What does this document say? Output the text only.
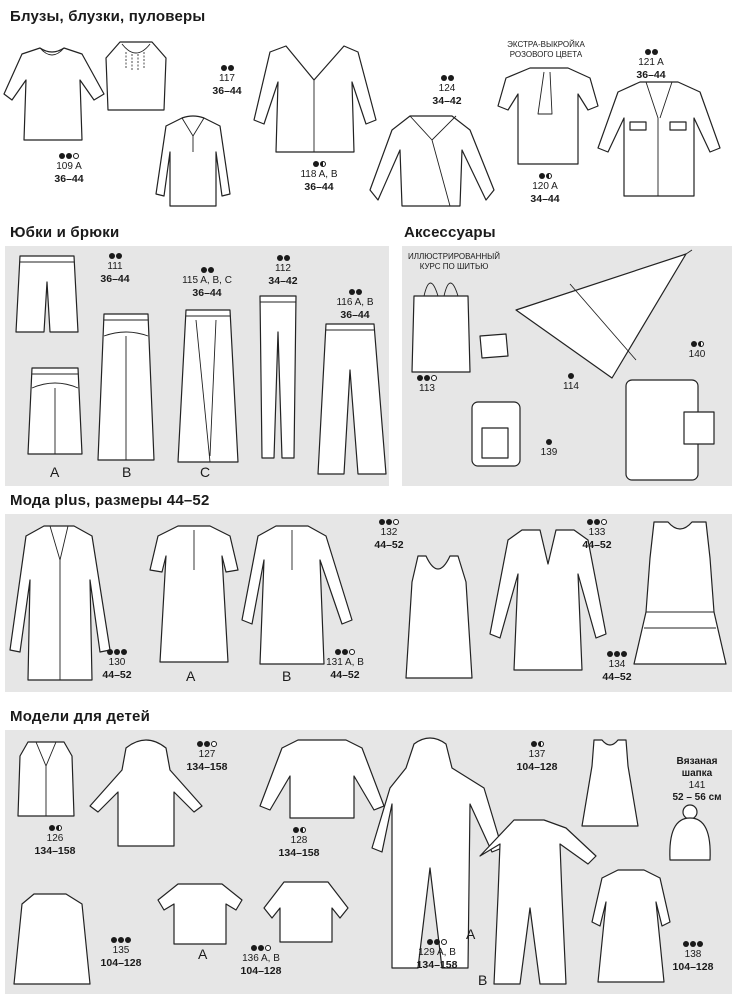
Блузы, блузки, пуловеры
Юбки и брюки	Аксессуары
Мода plus, размеры 44–52
Модели для детей
109 A
36–44
117
36–44
118 A, B
36–44
124
34–42
ЭКСТРА-ВЫКРОЙКА РОЗОВОГО ЦВЕТА
120 A
34–44
121 A
36–44
A	B	C
111
36–44	115 A, B, C
36–44
112
34–42
116 A, B
36–44
ИЛЛЮСТРИРОВАННЫЙ КУРС ПО ШИТЬЮ
113	114
140
139
A	B
130
44–52
131 A, B
44–52
132
44–52
133
44–52
134
44–52
A
B
Вязаная шапка
141
52 – 56 см
A
126
134–158
127
134–158
128
134–158
137
104–128
135
104–128	136 A, B
104–128
129 A, B
134–158
138
104–128
